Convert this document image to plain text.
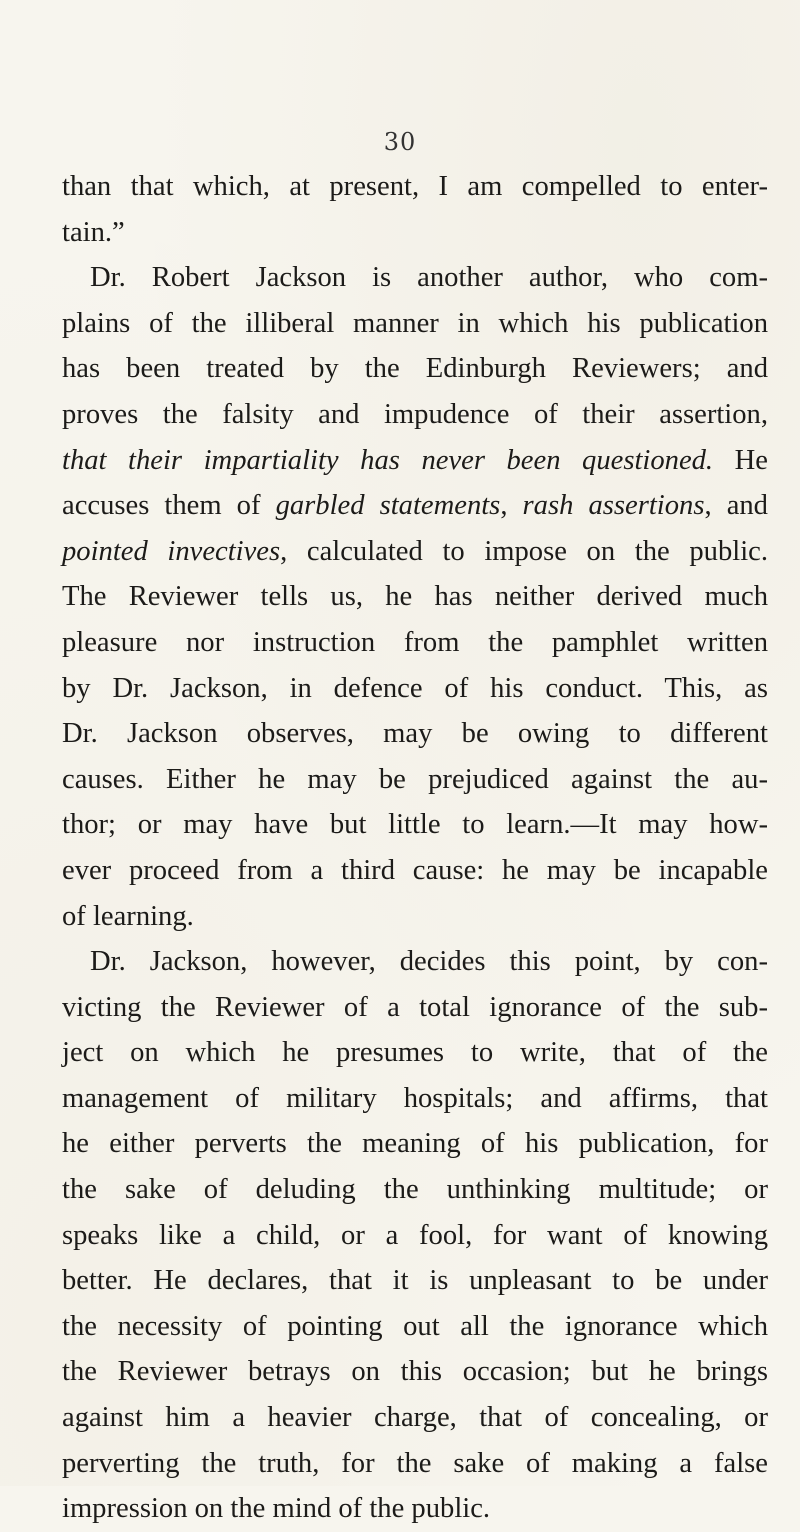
30

than that which, at present, I am compelled to enter-
tain.”
Dr. Robert Jackson is another author, who com-
plains of the illiberal manner in which his publication
has been treated by the Edinburgh Reviewers; and
proves the falsity and impudence of their assertion,
that their impartiality has never been questioned. He
accuses them of garbled statements, rash assertions, and
pointed invectives, calculated to impose on the public.
The Reviewer tells us, he has neither derived much
pleasure nor instruction from the pamphlet written
by Dr. Jackson, in defence of his conduct. This, as
Dr. Jackson observes, may be owing to different
causes. Either he may be prejudiced against the au-
thor; or may have but little to learn.—It may how-
ever proceed from a third cause: he may be incapable
of learning.
Dr. Jackson, however, decides this point, by con-
victing the Reviewer of a total ignorance of the sub-
ject on which he presumes to write, that of the
management of military hospitals; and affirms, that
he either perverts the meaning of his publication, for
the sake of deluding the unthinking multitude; or
speaks like a child, or a fool, for want of knowing
better. He declares, that it is unpleasant to be under
the necessity of pointing out all the ignorance which
the Reviewer betrays on this occasion; but he brings
against him a heavier charge, that of concealing, or
perverting the truth, for the sake of making a false
impression on the mind of the public.
